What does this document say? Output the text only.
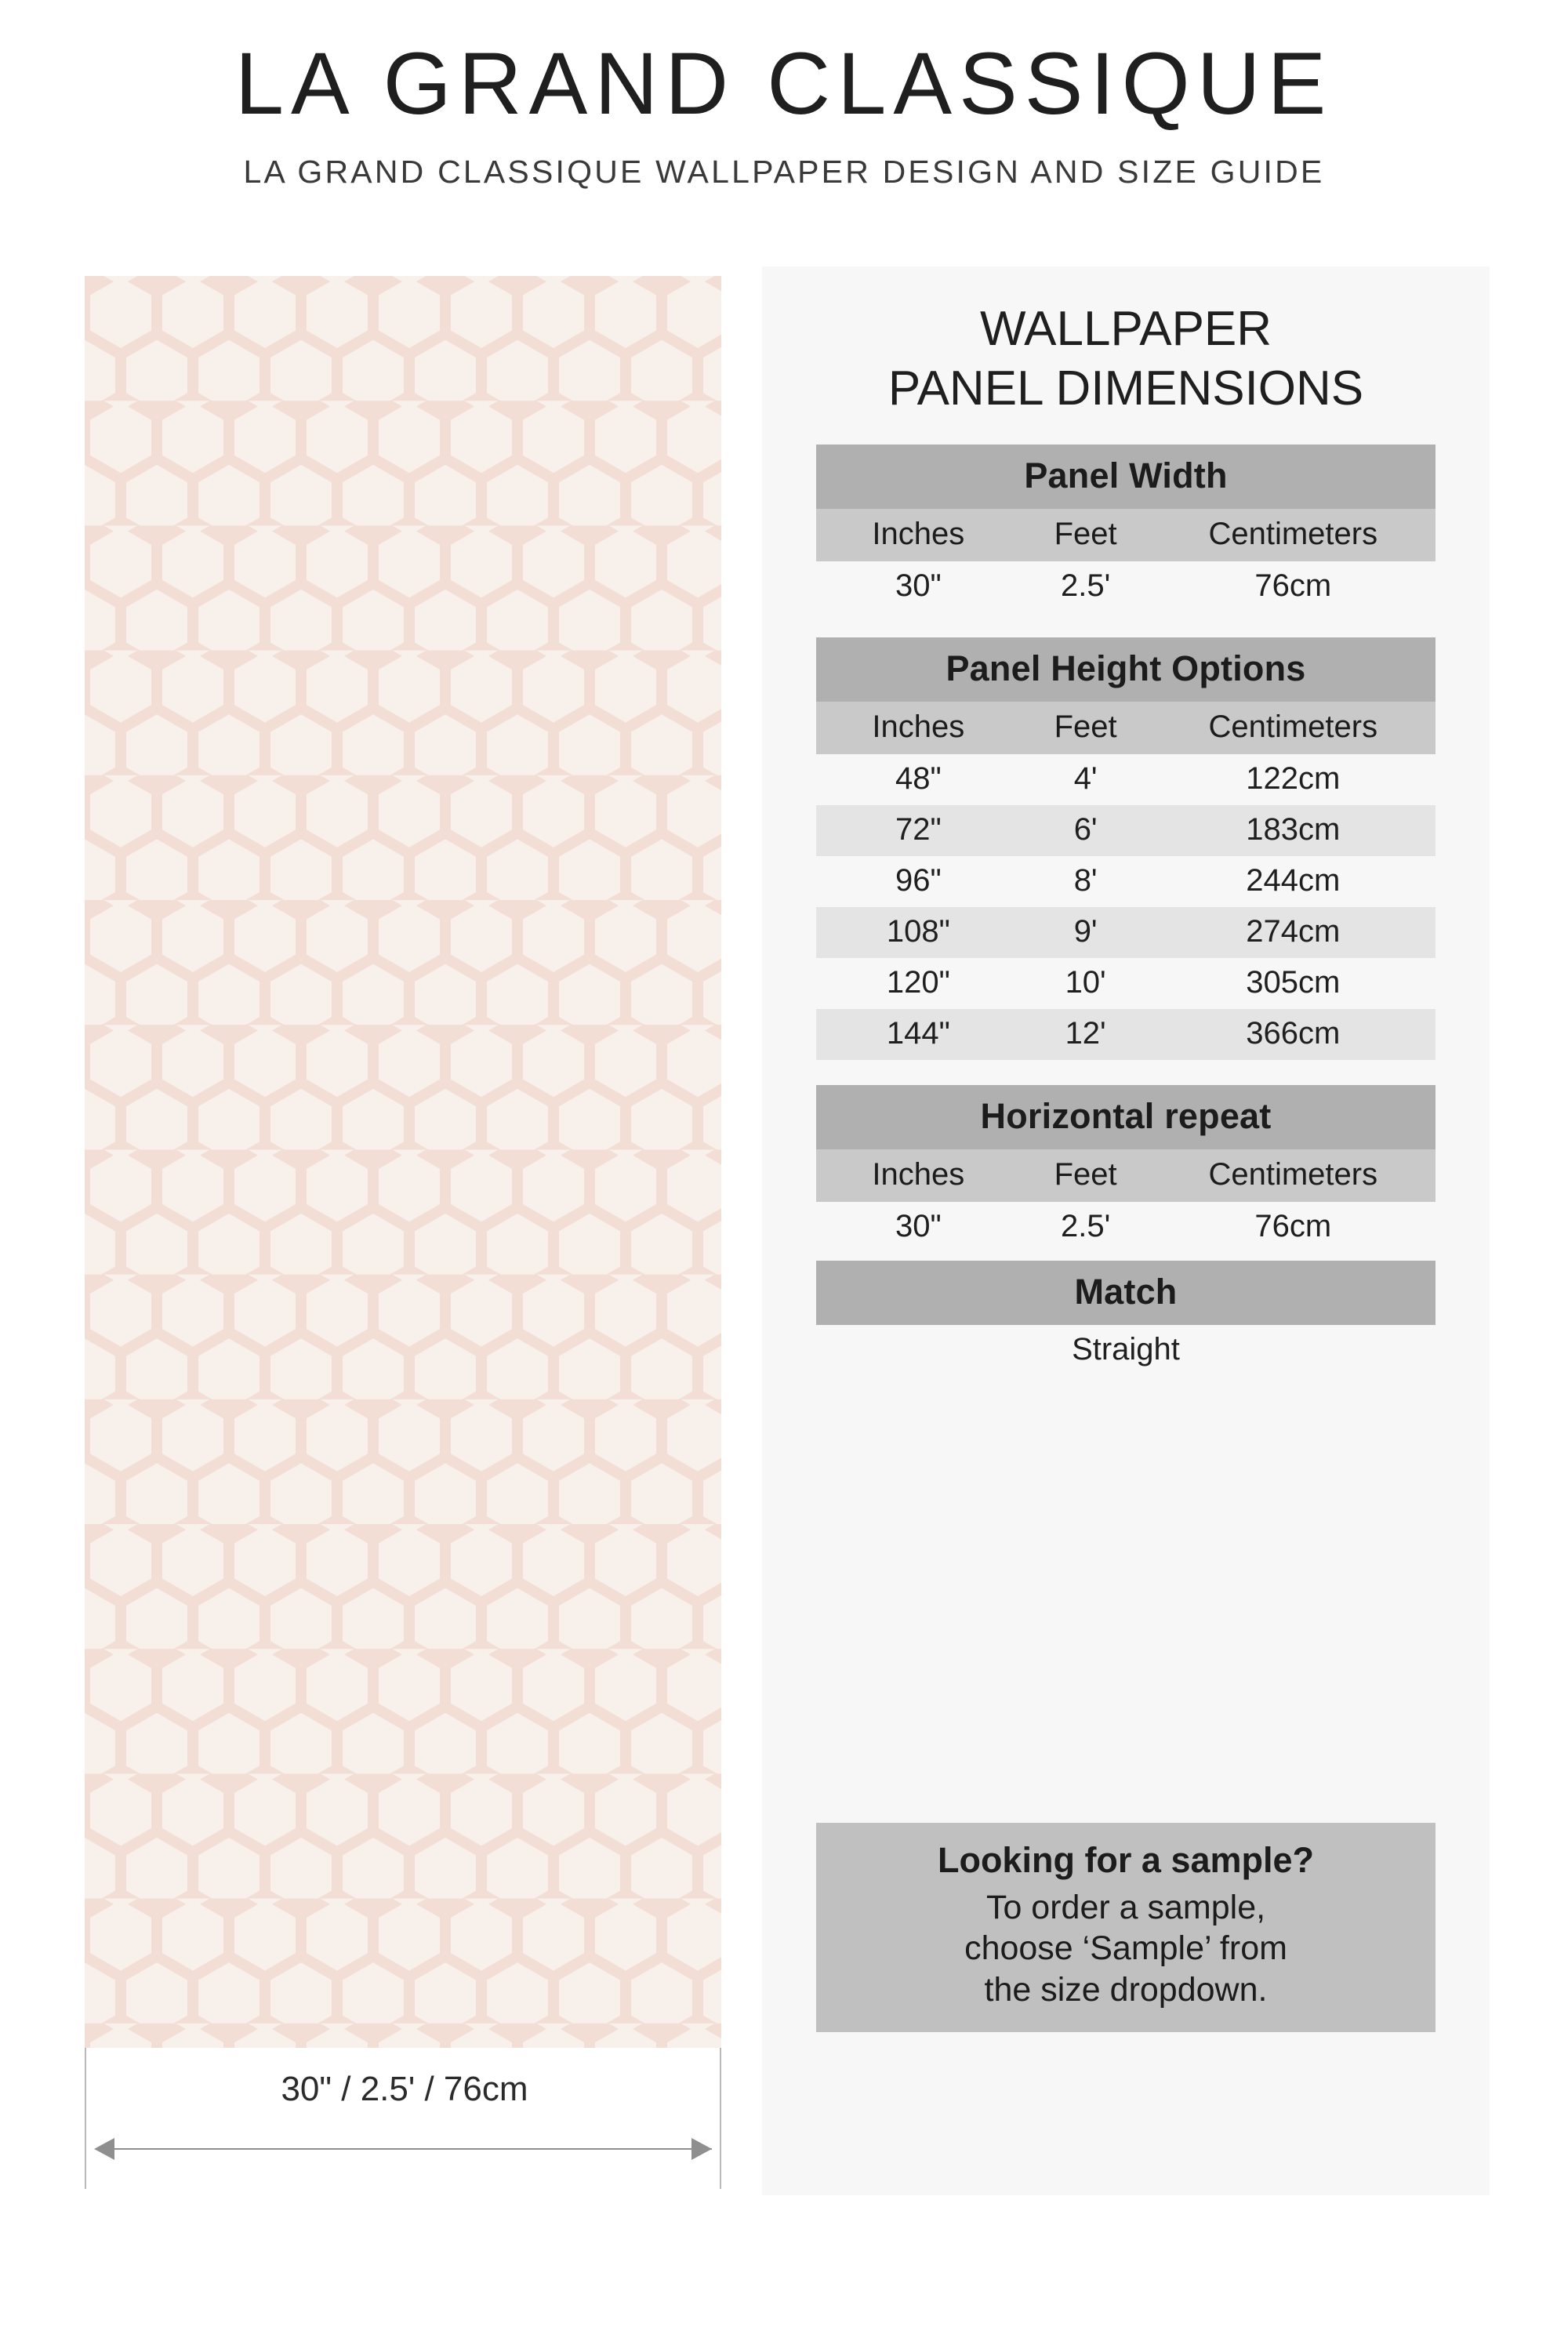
LA GRAND CLASSIQUE

LA GRAND CLASSIQUE WALLPAPER DESIGN AND SIZE GUIDE

30" / 2.5' / 76cm
WALLPAPER
PANEL DIMENSIONS
Panel Width		
Inches	Feet	Centimeters
30"	2.5'	76cm
Panel Height Options		
Inches	Feet	Centimeters
48"	4'	122cm
72"	6'	183cm
96"	8'	244cm
108"	9'	274cm
120"	10'	305cm
144"	12'	366cm
Horizontal repeat		
Inches	Feet	Centimeters
30"	2.5'	76cm
Match
Straight

Looking for a sample?

To order a sample,
choose ‘Sample’ from
the size dropdown.
